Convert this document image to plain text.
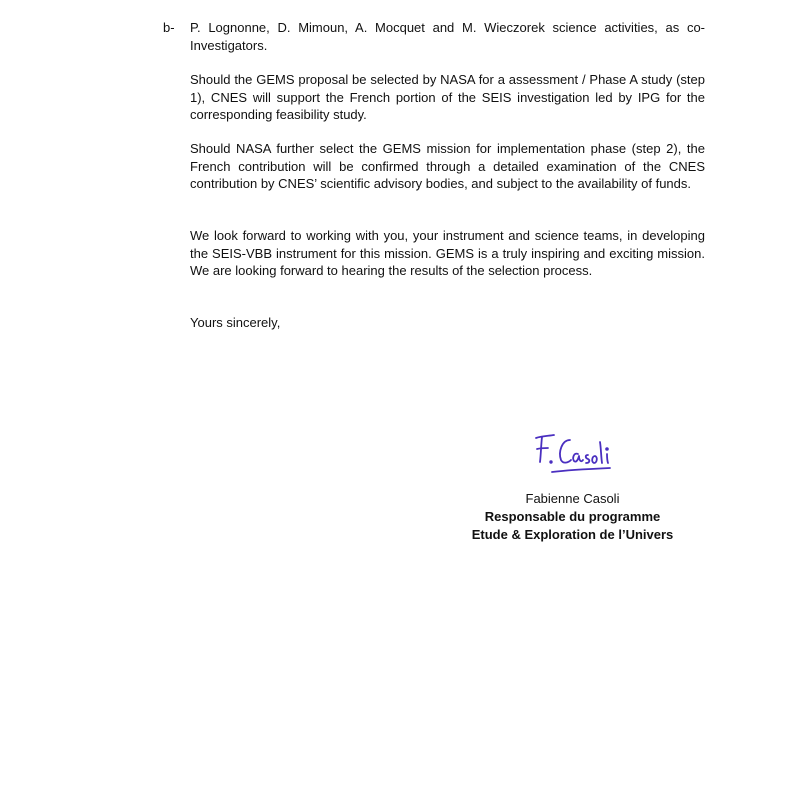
b- P. Lognonne, D. Mimoun, A. Mocquet and M. Wieczorek science activities, as co-Investigators.

Should the GEMS proposal be selected by NASA for a assessment / Phase A study (step 1), CNES will support the French portion of the SEIS investigation led by IPG for the corresponding feasibility study.

Should NASA further select the GEMS mission for implementation phase (step 2), the French contribution will be confirmed through a detailed examination of the CNES contribution by CNES’ scientific advisory bodies, and subject to the availability of funds.

We look forward to working with you, your instrument and science teams, in developing the SEIS-VBB instrument for this mission. GEMS is a truly inspiring and exciting mission. We are looking forward to hearing the results of the selection process.

Yours sincerely,

Fabienne Casoli
Responsable du programme
Etude & Exploration de l’Univers
